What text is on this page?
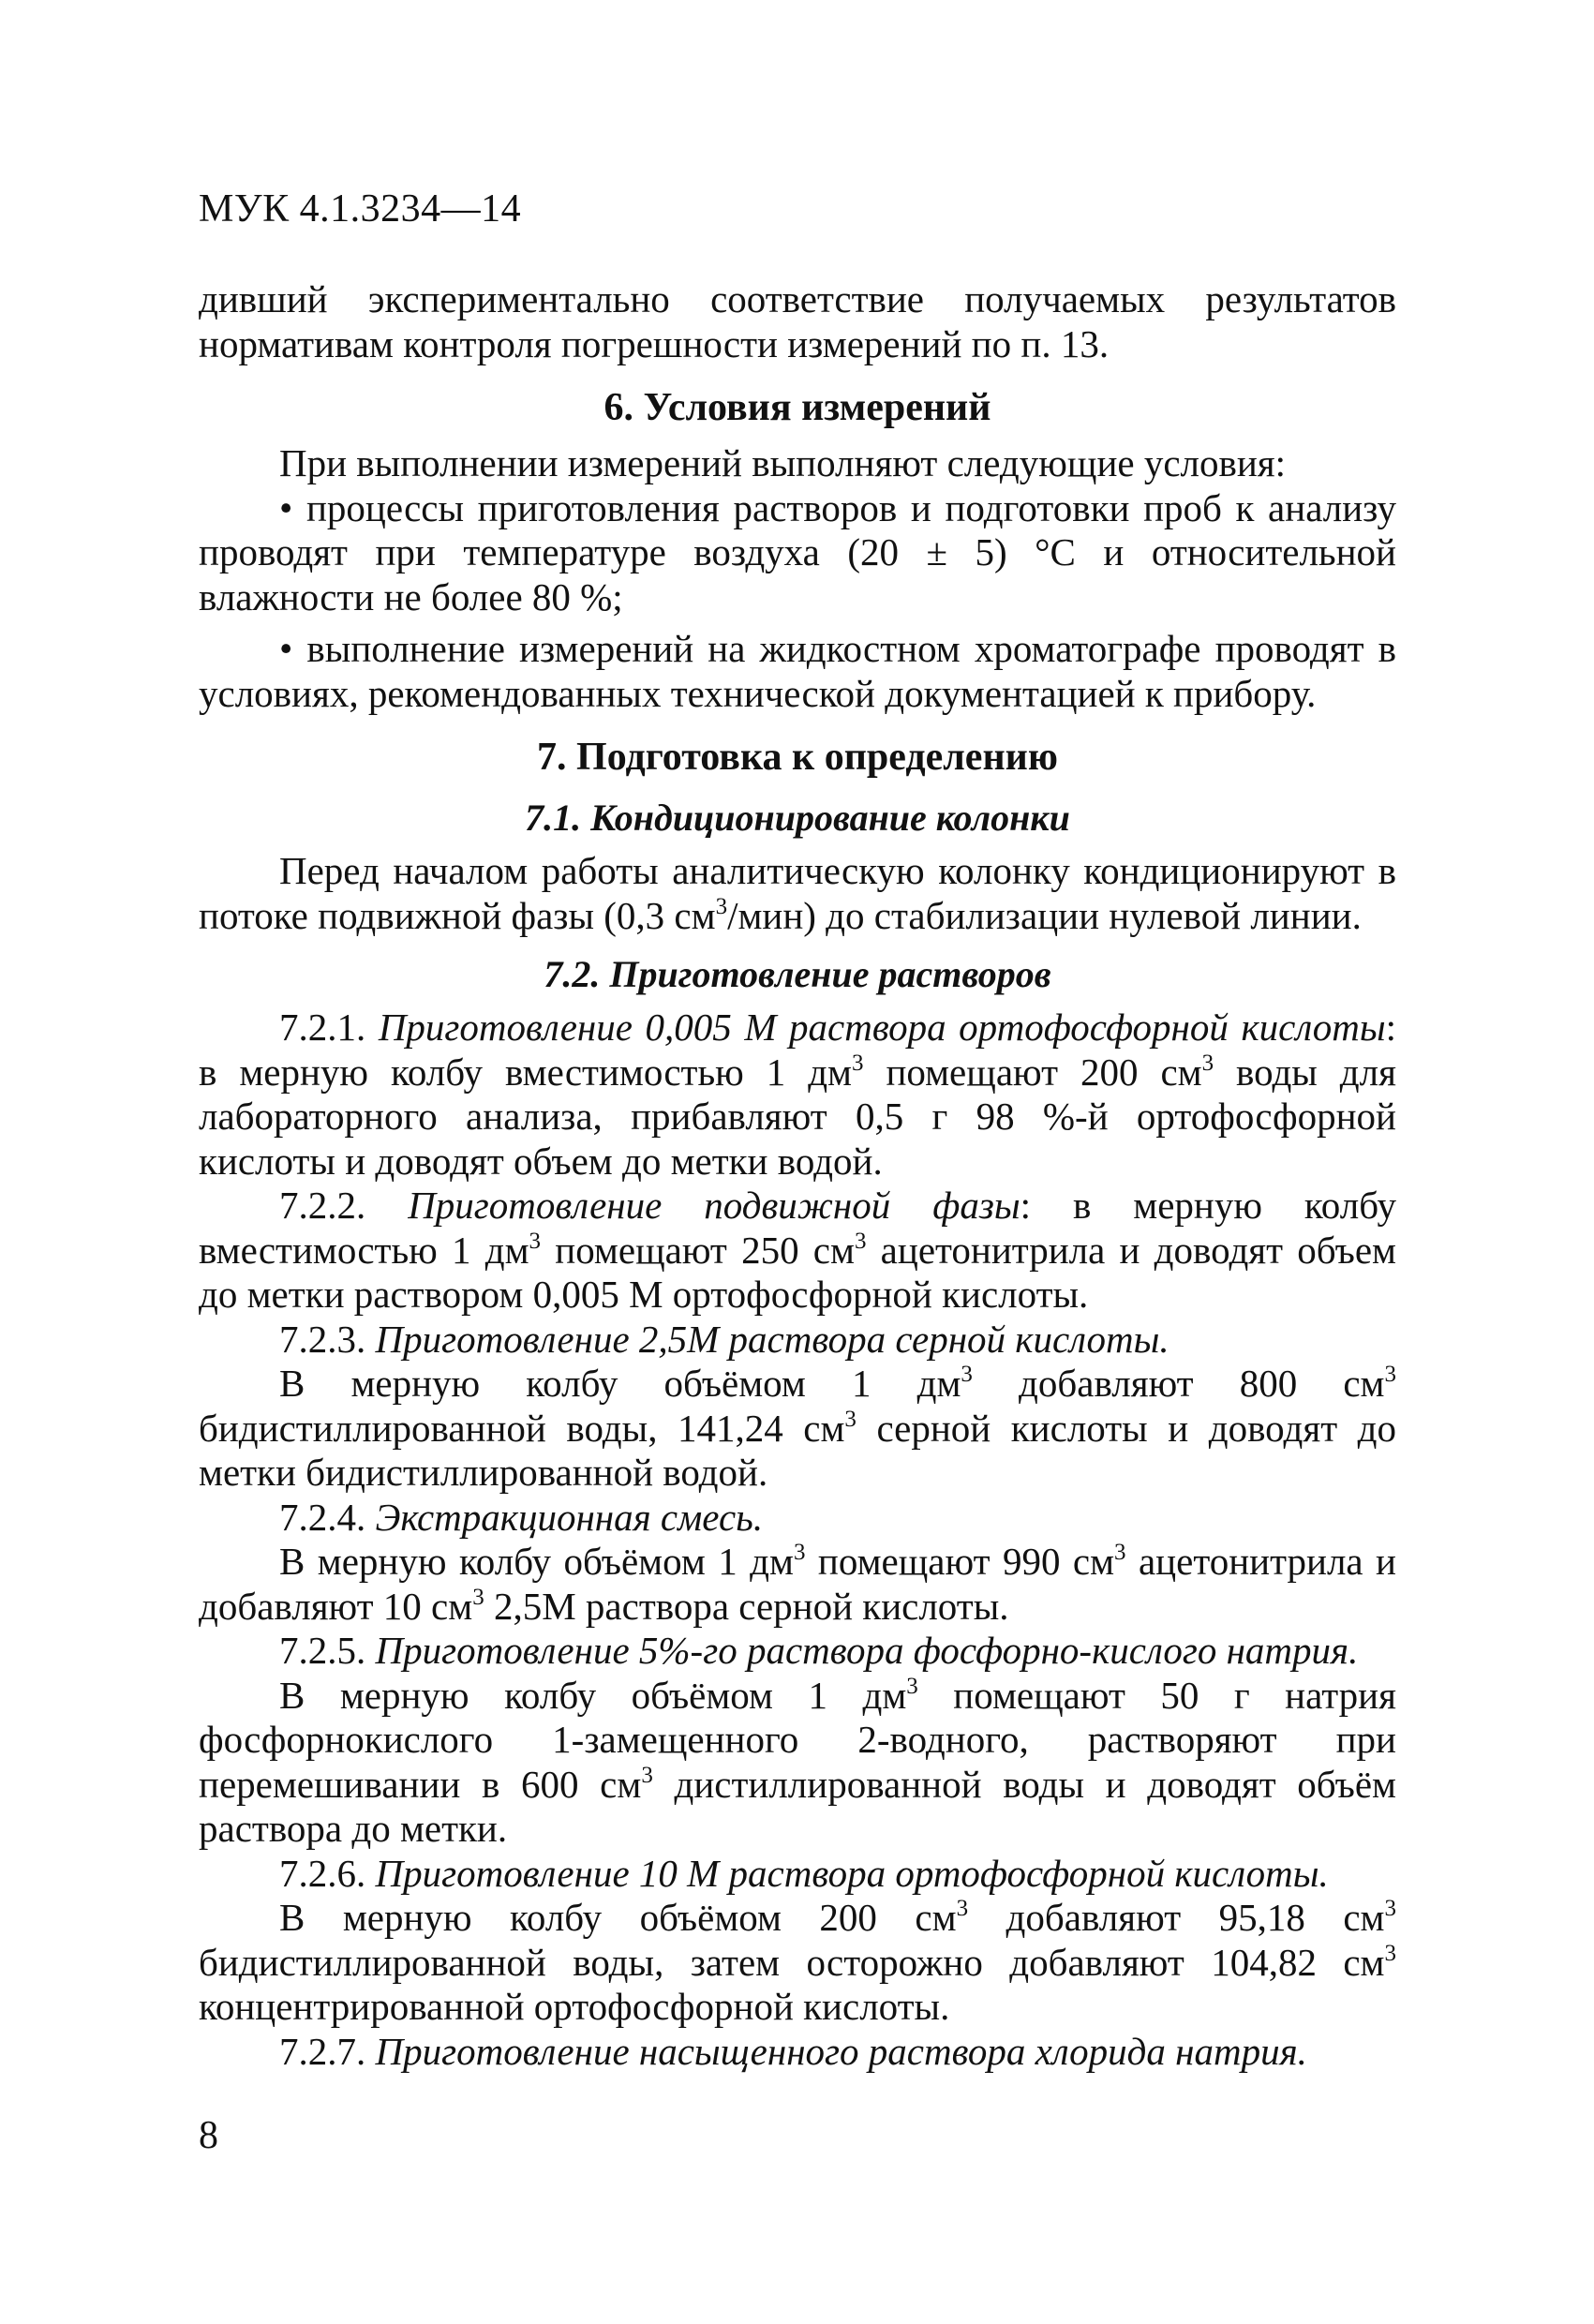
МУК 4.1.3234—14

дивший экспериментально соответствие получаемых результатов нормативам контроля погрешности измерений по п. 13.

6. Условия измерений

При выполнении измерений выполняют следующие условия:

• процессы приготовления растворов и подготовки проб к анализу проводят при температуре воздуха (20 ± 5) °С и относительной влажности не более 80 %;

• выполнение измерений на жидкостном хроматографе проводят в условиях, рекомендованных технической документацией к прибору.

7. Подготовка к определению
7.1. Кондиционирование колонки

Перед началом работы аналитическую колонку кондиционируют в потоке подвижной фазы (0,3 $см^3/мин$) до стабилизации нулевой линии.

7.2. Приготовление растворов

7.2.1. Приготовление 0,005 М раствора ортофосфорной кислоты: в мерную колбу вместимостью 1 $дм^3$ помещают 200 $см^3$ воды для лабораторного анализа, прибавляют 0,5 г 98 %-й ортофосфорной кислоты и доводят объем до метки водой.

7.2.2. Приготовление подвижной фазы: в мерную колбу вместимостью 1 $дм^3$ помещают 250 $см^3$ ацетонитрила и доводят объем до метки раствором 0,005 М ортофосфорной кислоты.

7.2.3. Приготовление 2,5М раствора серной кислоты.

В мерную колбу объёмом 1 $дм^3$ добавляют 800 $см^3$ бидистиллированной воды, 141,24 $см^3$ серной кислоты и доводят до метки бидистиллированной водой.

7.2.4. Экстракционная смесь.

В мерную колбу объёмом 1 $дм^3$ помещают 990 $см^3$ ацетонитрила и добавляют 10 $см^3$ 2,5М раствора серной кислоты.

7.2.5. Приготовление 5%-го раствора фосфорно-кислого натрия.

В мерную колбу объёмом 1 $дм^3$ помещают 50 г натрия фосфорнокислого 1-замещенного 2-водного, растворяют при перемешивании в 600 $см^3$ дистиллированной воды и доводят объём раствора до метки.

7.2.6. Приготовление 10 М раствора ортофосфорной кислоты.

В мерную колбу объёмом 200 $см^3$ добавляют 95,18 $см^3$ бидистиллированной воды, затем осторожно добавляют 104,82 $см^3$ концентрированной ортофосфорной кислоты.

7.2.7. Приготовление насыщенного раствора хлорида натрия.

8
